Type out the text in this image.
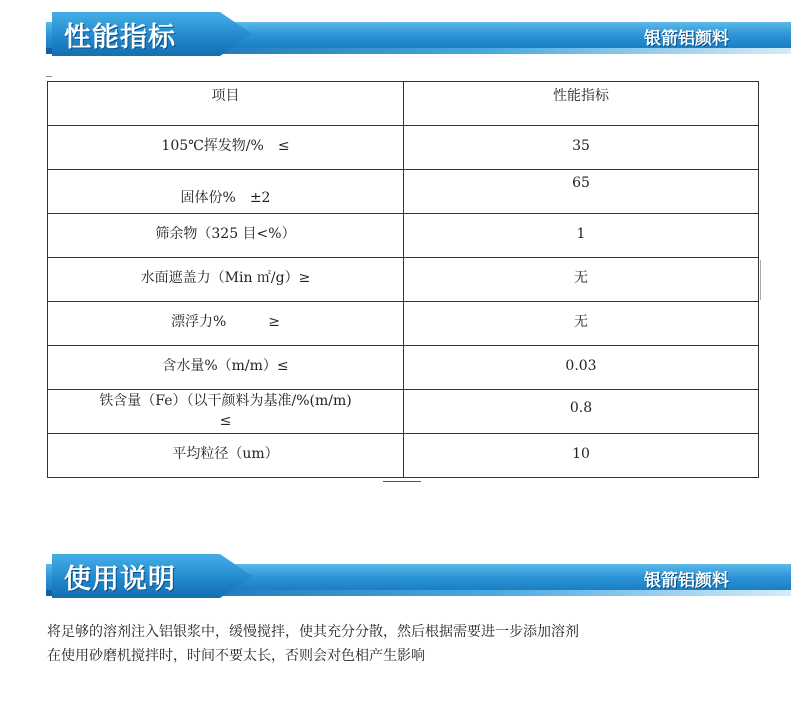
性能指标	银箭铝颜料
项目	性能指标

105℃挥发物/%　≤	35

固体份%　±2	65

筛余物（325 目<%）	1

水面遮盖力（Min ㎡/g）≥	无

漂浮力%　　　≥	无

含水量%（m/m）≤	0.03

铁含量（Fe）（以干颜料为基准/%(m/m)
≤	0.8

平均粒径（um）	10
使用说明	银箭铝颜料

将足够的溶剂注入铝银浆中，缓慢搅拌，使其充分分散，然后根据需要进一步添加溶剂

在使用砂磨机搅拌时，时间不要太长，否则会对色相产生影响
